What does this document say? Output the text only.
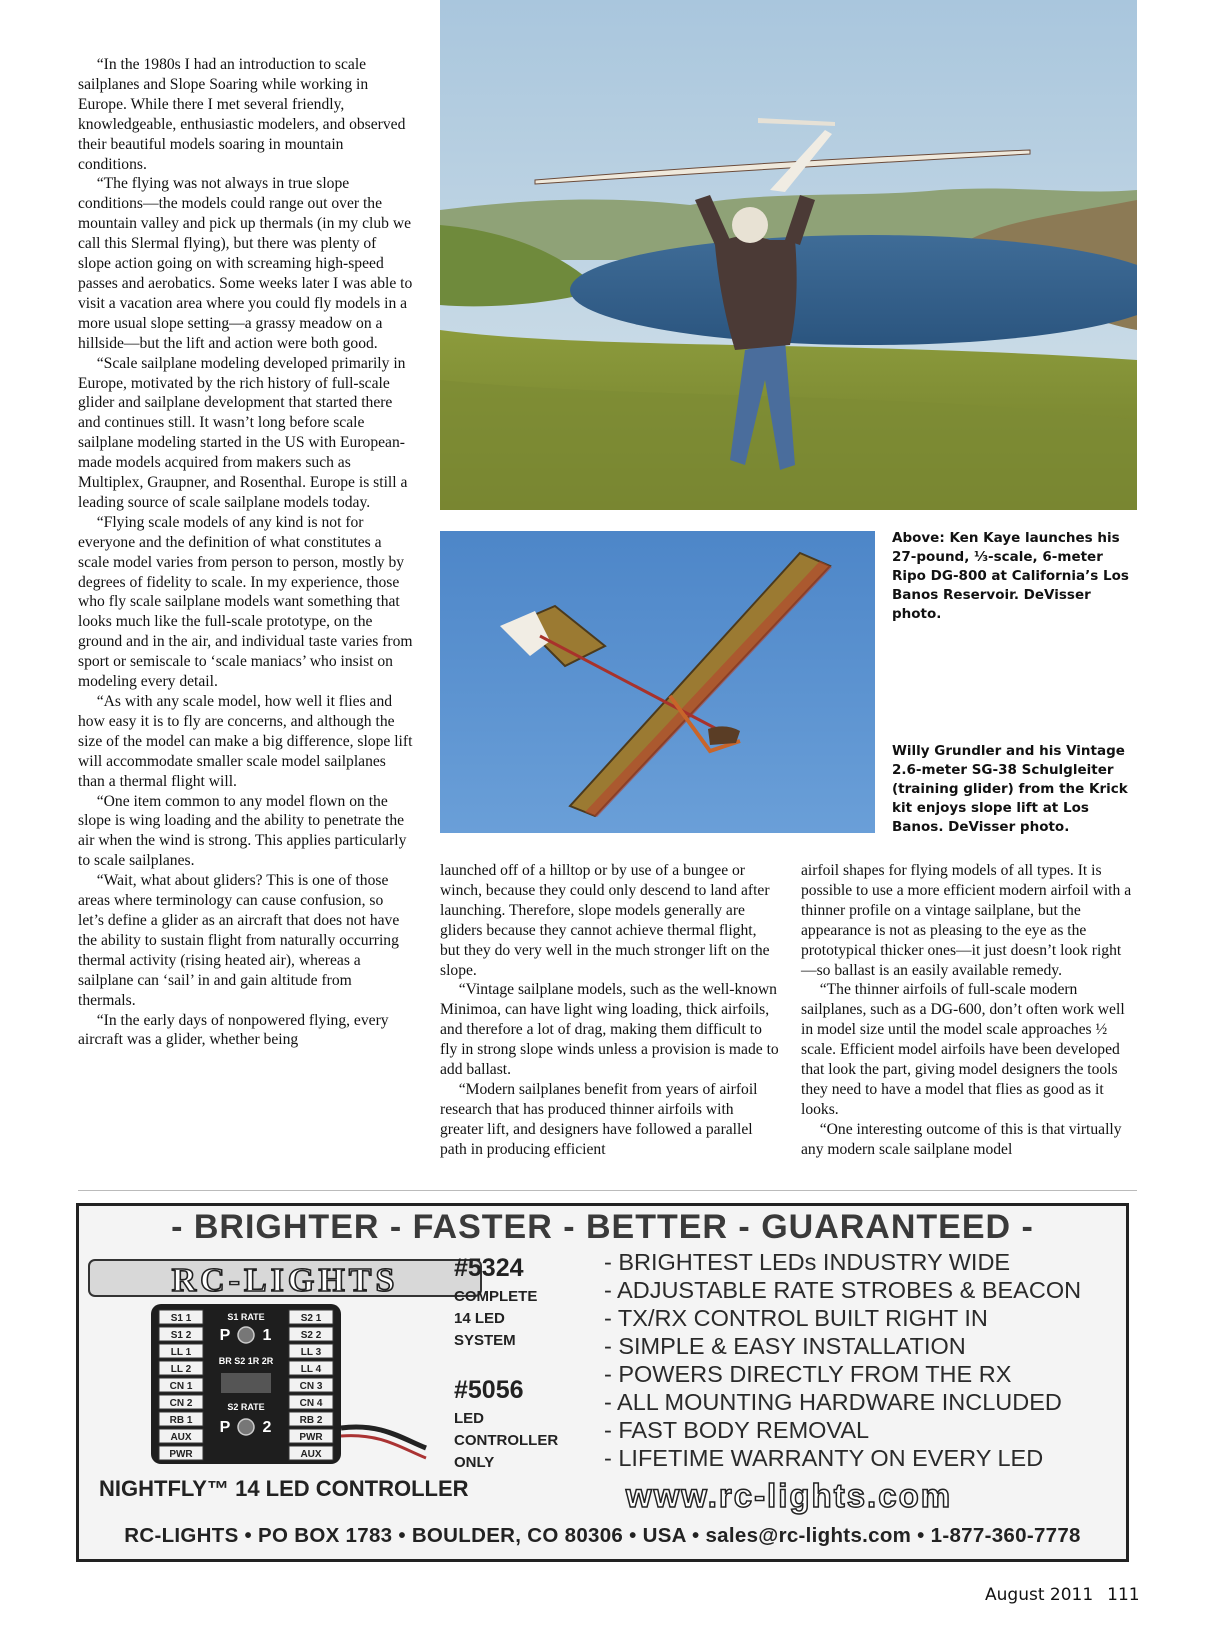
“In the 1980s I had an introduction to scale sailplanes and Slope Soaring while working in Europe. While there I met several friendly, knowledgeable, enthusiastic modelers, and observed their beautiful models soaring in mountain conditions.

“The flying was not always in true slope conditions—the models could range out over the mountain valley and pick up thermals (in my club we call this Slermal flying), but there was plenty of slope action going on with screaming high-speed passes and aerobatics. Some weeks later I was able to visit a vacation area where you could fly models in a more usual slope setting—a grassy meadow on a hillside—but the lift and action were both good.

“Scale sailplane modeling developed primarily in Europe, motivated by the rich history of full-scale glider and sailplane development that started there and continues still. It wasn’t long before scale sailplane modeling started in the US with European-made models acquired from makers such as Multiplex, Graupner, and Rosenthal. Europe is still a leading source of scale sailplane models today.

“Flying scale models of any kind is not for everyone and the definition of what constitutes a scale model varies from person to person, mostly by degrees of fidelity to scale. In my experience, those who fly scale sailplane models want something that looks much like the full-scale prototype, on the ground and in the air, and individual taste varies from sport or semiscale to ‘scale maniacs’ who insist on modeling every detail.

“As with any scale model, how well it flies and how easy it is to fly are concerns, and although the size of the model can make a big difference, slope lift will accommodate smaller scale model sailplanes than a thermal flight will.

“One item common to any model flown on the slope is wing loading and the ability to penetrate the air when the wind is strong. This applies particularly to scale sailplanes.

“Wait, what about gliders? This is one of those areas where terminology can cause confusion, so let’s define a glider as an aircraft that does not have the ability to sustain flight from naturally occurring thermal activity (rising heated air), whereas a sailplane can ‘sail’ in and gain altitude from thermals.

“In the early days of nonpowered flying, every aircraft was a glider, whether being

Above: Ken Kaye launches his 27-pound, ⅓-scale, 6-meter Ripo DG-800 at California’s Los Banos Reservoir. DeVisser photo.
Willy Grundler and his Vintage 2.6-meter SG-38 Schulgleiter (training glider) from the Krick kit enjoys slope lift at Los Banos. DeVisser photo.

launched off of a hilltop or by use of a bungee or winch, because they could only descend to land after launching. Therefore, slope models generally are gliders because they cannot achieve thermal flight, but they do very well in the much stronger lift on the slope.

“Vintage sailplane models, such as the well-known Minimoa, can have light wing loading, thick airfoils, and therefore a lot of drag, making them difficult to fly in strong slope winds unless a provision is made to add ballast.

“Modern sailplanes benefit from years of airfoil research that has produced thinner airfoils with greater lift, and designers have followed a parallel path in producing efficient

airfoil shapes for flying models of all types. It is possible to use a more efficient modern airfoil with a thinner profile on a vintage sailplane, but the appearance is not as pleasing to the eye as the prototypical thicker ones—it just doesn’t look right—so ballast is an easily available remedy.

“The thinner airfoils of full-scale modern sailplanes, such as a DG-600, don’t often work well in model size until the model scale approaches ½ scale. Efficient model airfoils have been developed that look the part, giving model designers the tools they need to have a model that flies as good as it looks.

“One interesting outcome of this is that virtually any modern scale sailplane model

- BRIGHTER - FASTER - BETTER - GUARANTEED -
RC-LIGHTS
S1 1
S1 2
LL 1
LL 2
CN 1
CN 2
RB 1
AUX
PWR
S2 1
S2 2
LL 3
LL 4
CN 3
CN 4
RB 2
PWR
AUX
S1 RATE
P 1
BR S2 1R 2R
S2 RATE
P 2
#5324
COMPLETE
14 LED
SYSTEM
#5056
LED
CONTROLLER
ONLY
- BRIGHTEST LEDs INDUSTRY WIDE
- ADJUSTABLE RATE STROBES & BEACON
- TX/RX CONTROL BUILT RIGHT IN
- SIMPLE & EASY INSTALLATION
- POWERS DIRECTLY FROM THE RX
- ALL MOUNTING HARDWARE INCLUDED
- FAST BODY REMOVAL
- LIFETIME WARRANTY ON EVERY LED
NIGHTFLY™ 14 LED CONTROLLER	www.rc-lights.com
RC-LIGHTS • PO BOX 1783 • BOULDER, CO 80306 • USA • sales@rc-lights.com • 1-877-360-7778
August 2011 111
